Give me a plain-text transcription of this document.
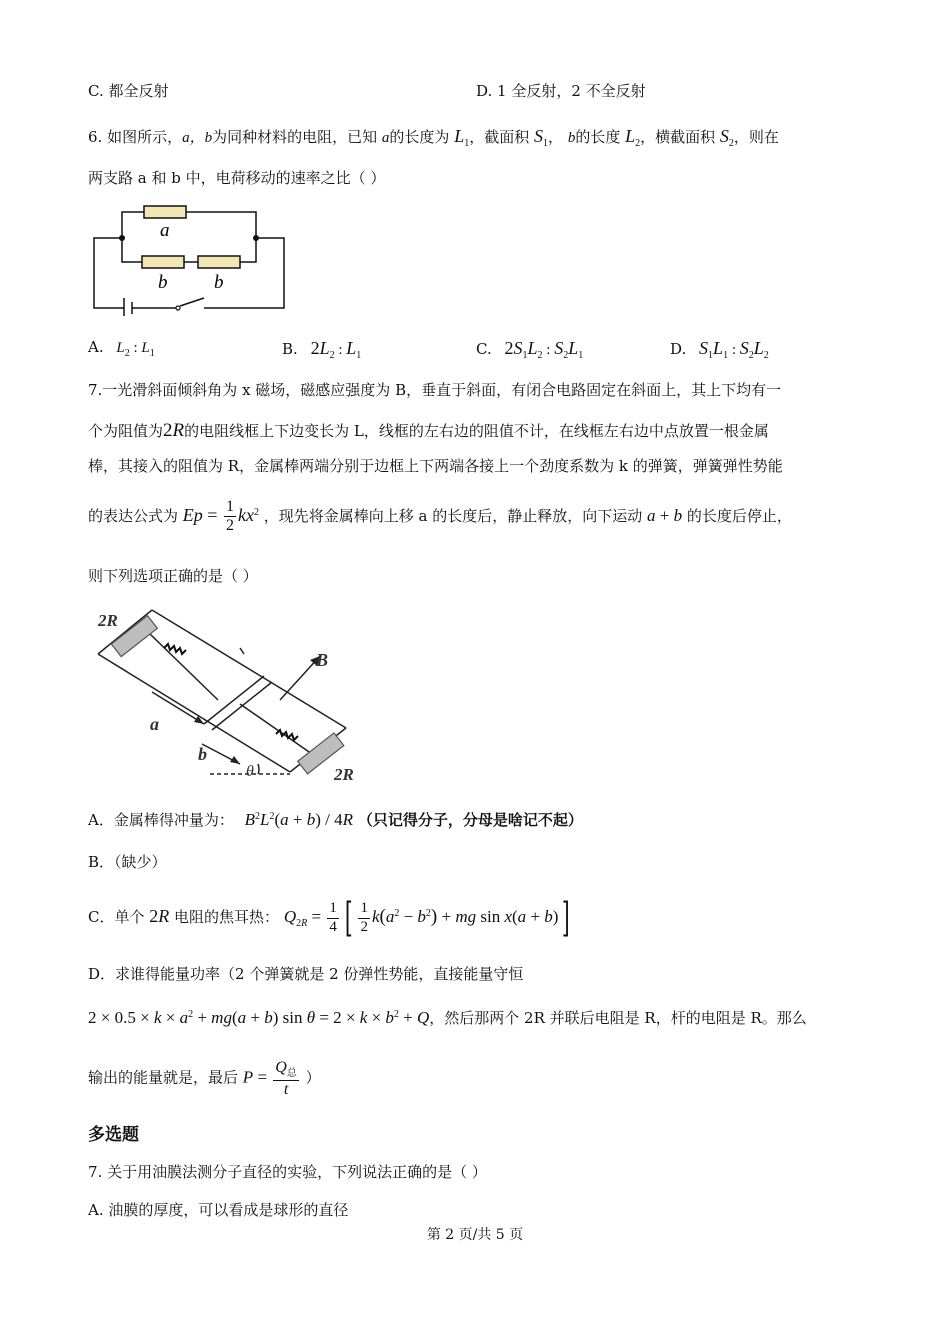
C. 都全反射	D. 1 全反射，2 不全反射
6. 如图所示，a，b为同种材料的电阻，已知 a的长度为 $L_1$，截面积 $S_1$， b的长度 $L_2$，横截面积 $S_2$，则在
两支路 a 和 b 中，电荷移动的速率之比（ ）
a
b b
A. $L_2$ : $L_1$	B. $2L_2$ : $L_1$	C. $2S_1L_2$ : $S_2L_1$	D. $S_1L_1$ : $S_2L_2$
7.一光滑斜面倾斜角为 x 磁场，磁感应强度为 B，垂直于斜面，有闭合电路固定在斜面上，其上下均有一
个为阻值为2R的电阻线框上下边变长为 L，线框的左右边的阻值不计，在线框左右边中点放置一根金属
棒，其接入的阻值为 R，金属棒两端分别于边框上下两端各接上一个劲度系数为 k 的弹簧，弹簧弹性势能
的表达公式为 $Ep = \frac{1}{2} kx^2$ ，现先将金属棒向上移 a 的长度后，静止释放，向下运动 a + b 的长度后停止，
则下列选项正确的是（ ）
2R
B
a
b
θ	2R
A．金属棒得冲量为： $B^2L^2(a + b) / 4R$ （只记得分子，分母是啥记不起）
B．（缺少）
C．单个 2R 电阻的焦耳热： $Q_{2R} = \frac{1}{4}$ [ $\frac{1}{2} k(a^2 - b^2)$ + mg sin x(a + b)]
D．求谁得能量功率（2 个弹簧就是 2 份弹性势能，直接能量守恒
$2 \times 0.5 \times k \times a^2 + mg(a + b)$ $\sin \theta = 2 \times k \times b^2 + Q$，然后那两个 2R 并联后电阻是 R，杆的电阻是 R。那么
输出的能量就是，最后 $P = \frac{Q_总}{t}$ ）
多选题
7. 关于用油膜法测分子直径的实验，下列说法正确的是（ ）
A. 油膜的厚度，可以看成是球形的直径
第 2 页/共 5 页
